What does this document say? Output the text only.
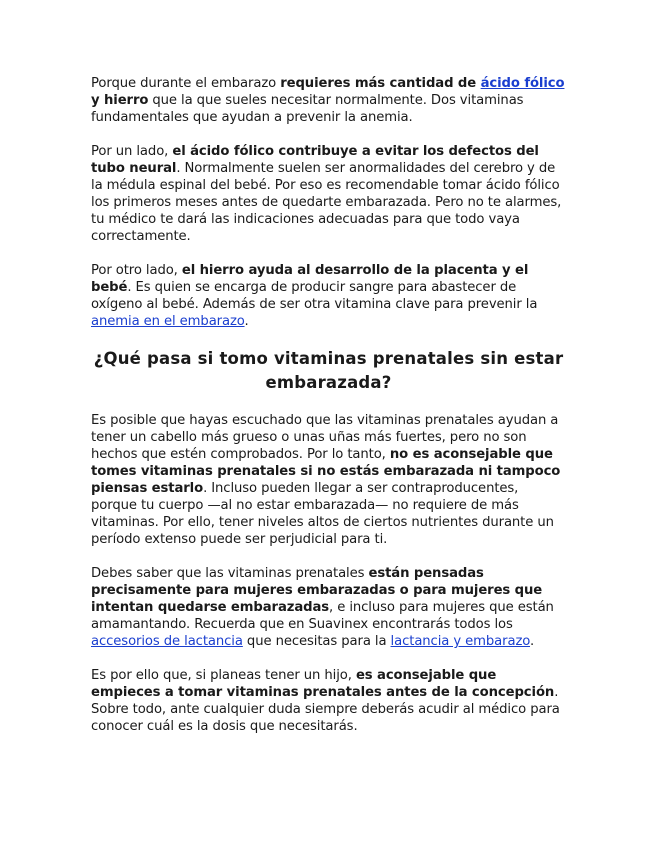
Porque durante el embarazo requieres más cantidad de ácido fólico y hierro que la que sueles necesitar normalmente. Dos vitaminas fundamentales que ayudan a prevenir la anemia.

Por un lado, el ácido fólico contribuye a evitar los defectos del tubo neural. Normalmente suelen ser anormalidades del cerebro y de la médula espinal del bebé. Por eso es recomendable tomar ácido fólico los primeros meses antes de quedarte embarazada. Pero no te alarmes, tu médico te dará las indicaciones adecuadas para que todo vaya correctamente.

Por otro lado, el hierro ayuda al desarrollo de la placenta y el bebé. Es quien se encarga de producir sangre para abastecer de oxígeno al bebé. Además de ser otra vitamina clave para prevenir la anemia en el embarazo.

¿Qué pasa si tomo vitaminas prenatales sin estar embarazada?

Es posible que hayas escuchado que las vitaminas prenatales ayudan a tener un cabello más grueso o unas uñas más fuertes, pero no son hechos que estén comprobados. Por lo tanto, no es aconsejable que tomes vitaminas prenatales si no estás embarazada ni tampoco piensas estarlo. Incluso pueden llegar a ser contraproducentes, porque tu cuerpo —al no estar embarazada— no requiere de más vitaminas. Por ello, tener niveles altos de ciertos nutrientes durante un período extenso puede ser perjudicial para ti.

Debes saber que las vitaminas prenatales están pensadas precisamente para mujeres embarazadas o para mujeres que intentan quedarse embarazadas, e incluso para mujeres que están amamantando. Recuerda que en Suavinex encontrarás todos los accesorios de lactancia que necesitas para la lactancia y embarazo.

Es por ello que, si planeas tener un hijo, es aconsejable que empieces a tomar vitaminas prenatales antes de la concepción. Sobre todo, ante cualquier duda siempre deberás acudir al médico para conocer cuál es la dosis que necesitarás.
